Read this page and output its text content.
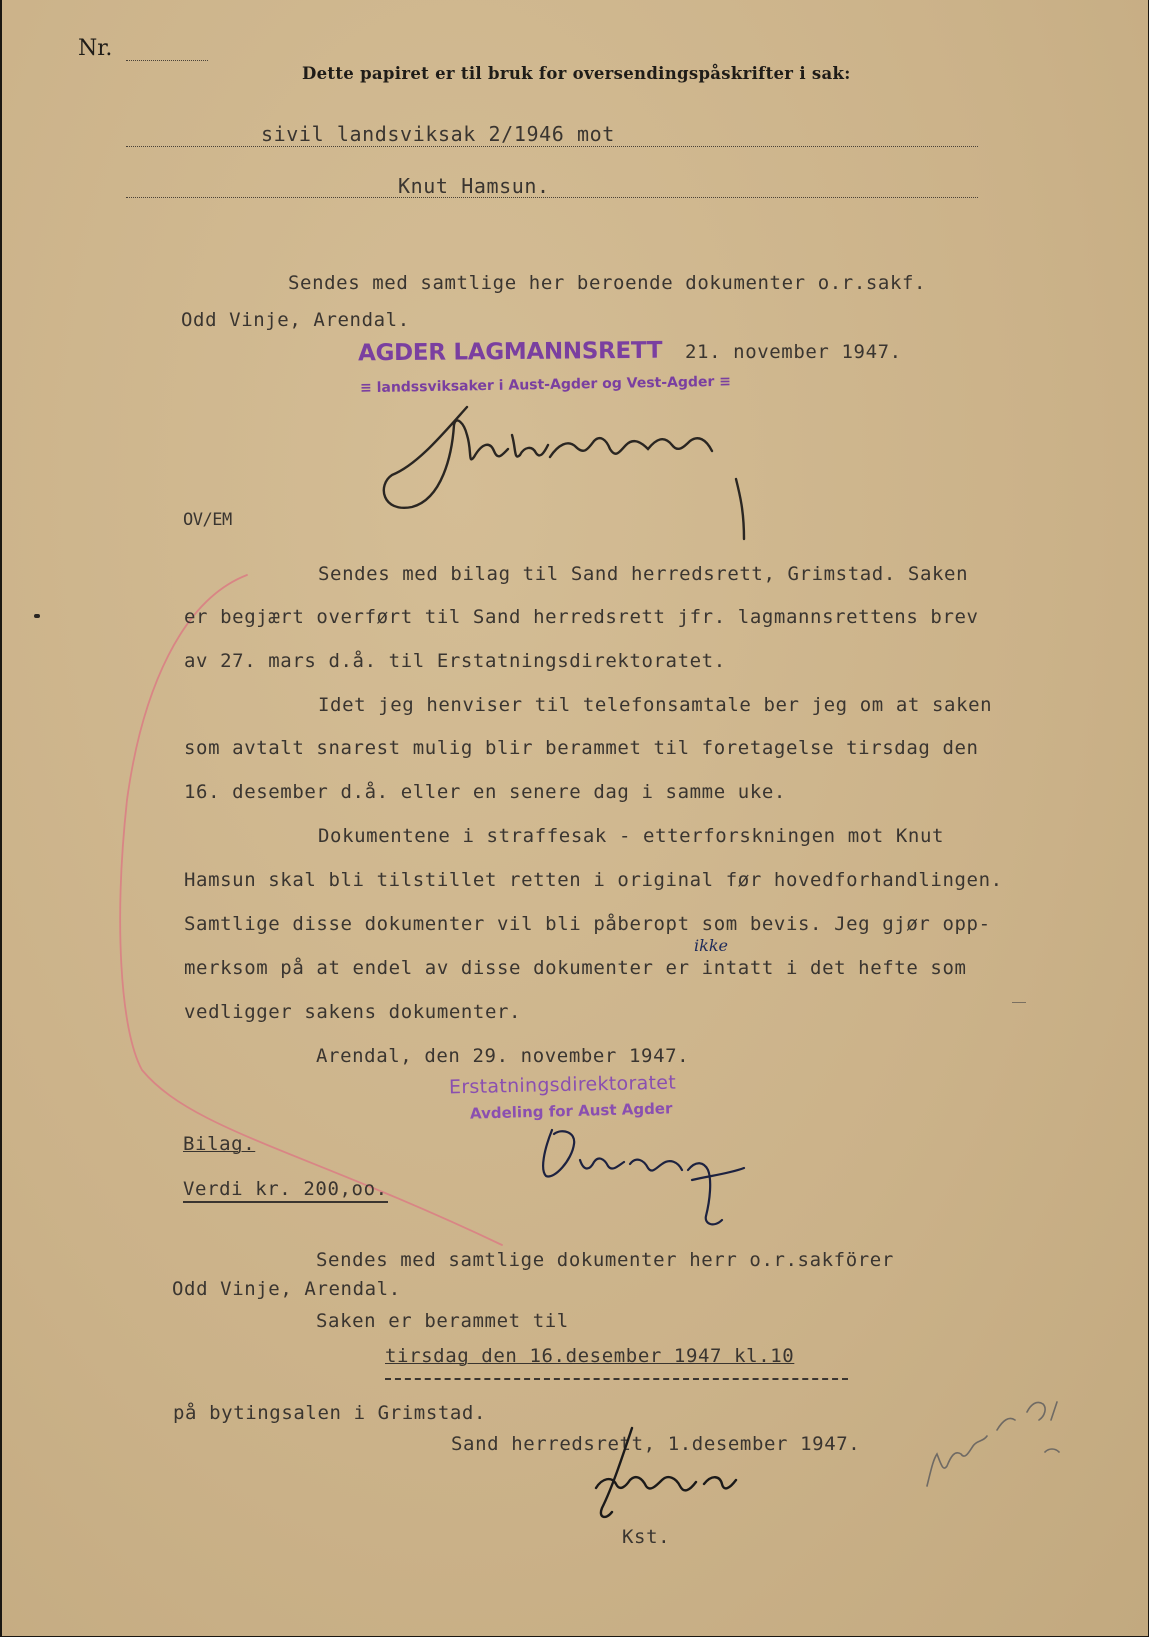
Nr.
Dette papiret er til bruk for oversendingspåskrifter i sak:
sivil landsviksak 2/1946 mot
Knut Hamsun.
Sendes med samtlige her beroende dokumenter o.r.sakf.
Odd Vinje, Arendal.
21. november 1947.
AGDER LAGMANNSRETT
≡ landssviksaker i Aust-Agder og Vest-Agder ≡
OV/EM
Sendes med bilag til Sand herredsrett, Grimstad. Saken
er begjært overført til Sand herredsrett jfr. lagmannsrettens brev
av 27. mars d.å. til Erstatningsdirektoratet.
Idet jeg henviser til telefonsamtale ber jeg om at saken
som avtalt snarest mulig blir berammet til foretagelse tirsdag den
16. desember d.å. eller en senere dag i samme uke.
Dokumentene i straffesak - etterforskningen mot Knut
Hamsun skal bli tilstillet retten i original før hovedforhandlingen.
Samtlige disse dokumenter vil bli påberopt som bevis. Jeg gjør opp-
merksom på at endel av disse dokumenter er intatt i det hefte som
vedligger sakens dokumenter.
ikke
Arendal, den 29. november 1947.
Erstatningsdirektoratet
Avdeling for Aust Agder
Bilag.
Verdi kr. 200,oo.
Sendes med samtlige dokumenter herr o.r.sakförer
Odd Vinje, Arendal.
Saken er berammet til
tirsdag den 16.desember 1947 kl.10
på bytingsalen i Grimstad.
Sand herredsrett, 1.desember 1947.
Kst.
